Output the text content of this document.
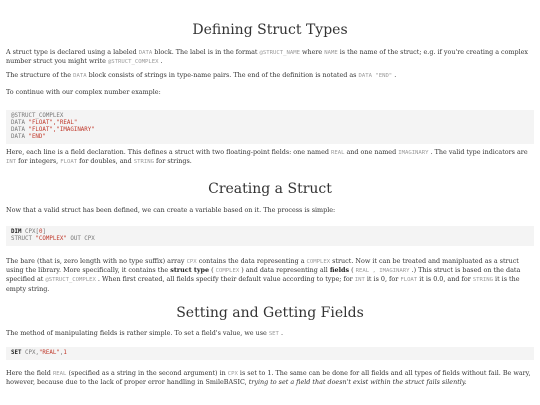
Defining Struct Types

A struct type is declared using a labeled DATA block. The label is in the format @STRUCT_NAME where NAME is the name of the struct; e.g. if you're creating a complex number struct you might write @STRUCT_COMPLEX .

The structure of the DATA block consists of strings in type-name pairs. The end of the definition is notated as DATA "END" .

To continue with our complex number example:

@STRUCT_COMPLEX
DATA "FLOAT","REAL"
DATA "FLOAT","IMAGINARY"
DATA "END"

Here, each line is a field declaration. This defines a struct with two floating-point fields: one named REAL and one named IMAGINARY . The valid type indicators are INT for integers, FLOAT for doubles, and STRING for strings.

Creating a Struct

Now that a valid struct has been defined, we can create a variable based on it. The process is simple:

DIM CPX[0]
STRUCT "COMPLEX" OUT CPX

The bare (that is, zero length with no type suffix) array CPX contains the data representing a COMPLEX struct. Now it can be treated and manipluated as a struct using the library. More specifically, it contains the struct type ( COMPLEX ) and data representing all fields ( REAL , IMAGINARY .) This struct is based on the data specified at @STRUCT_COMPLEX . When first created, all fields specify their default value according to type; for INT it is 0, for FLOAT it is 0.0, and for STRING it is the empty string.

Setting and Getting Fields

The method of manipulating fields is rather simple. To set a field's value, we use SET .

SET CPX,"REAL",1

Here the field REAL (specified as a string in the second argument) in CPX is set to 1. The same can be done for all fields and all types of fields without fail. Be wary, however, because due to the lack of proper error handling in SmileBASIC, trying to set a field that doesn't exist within the struct fails silently.
